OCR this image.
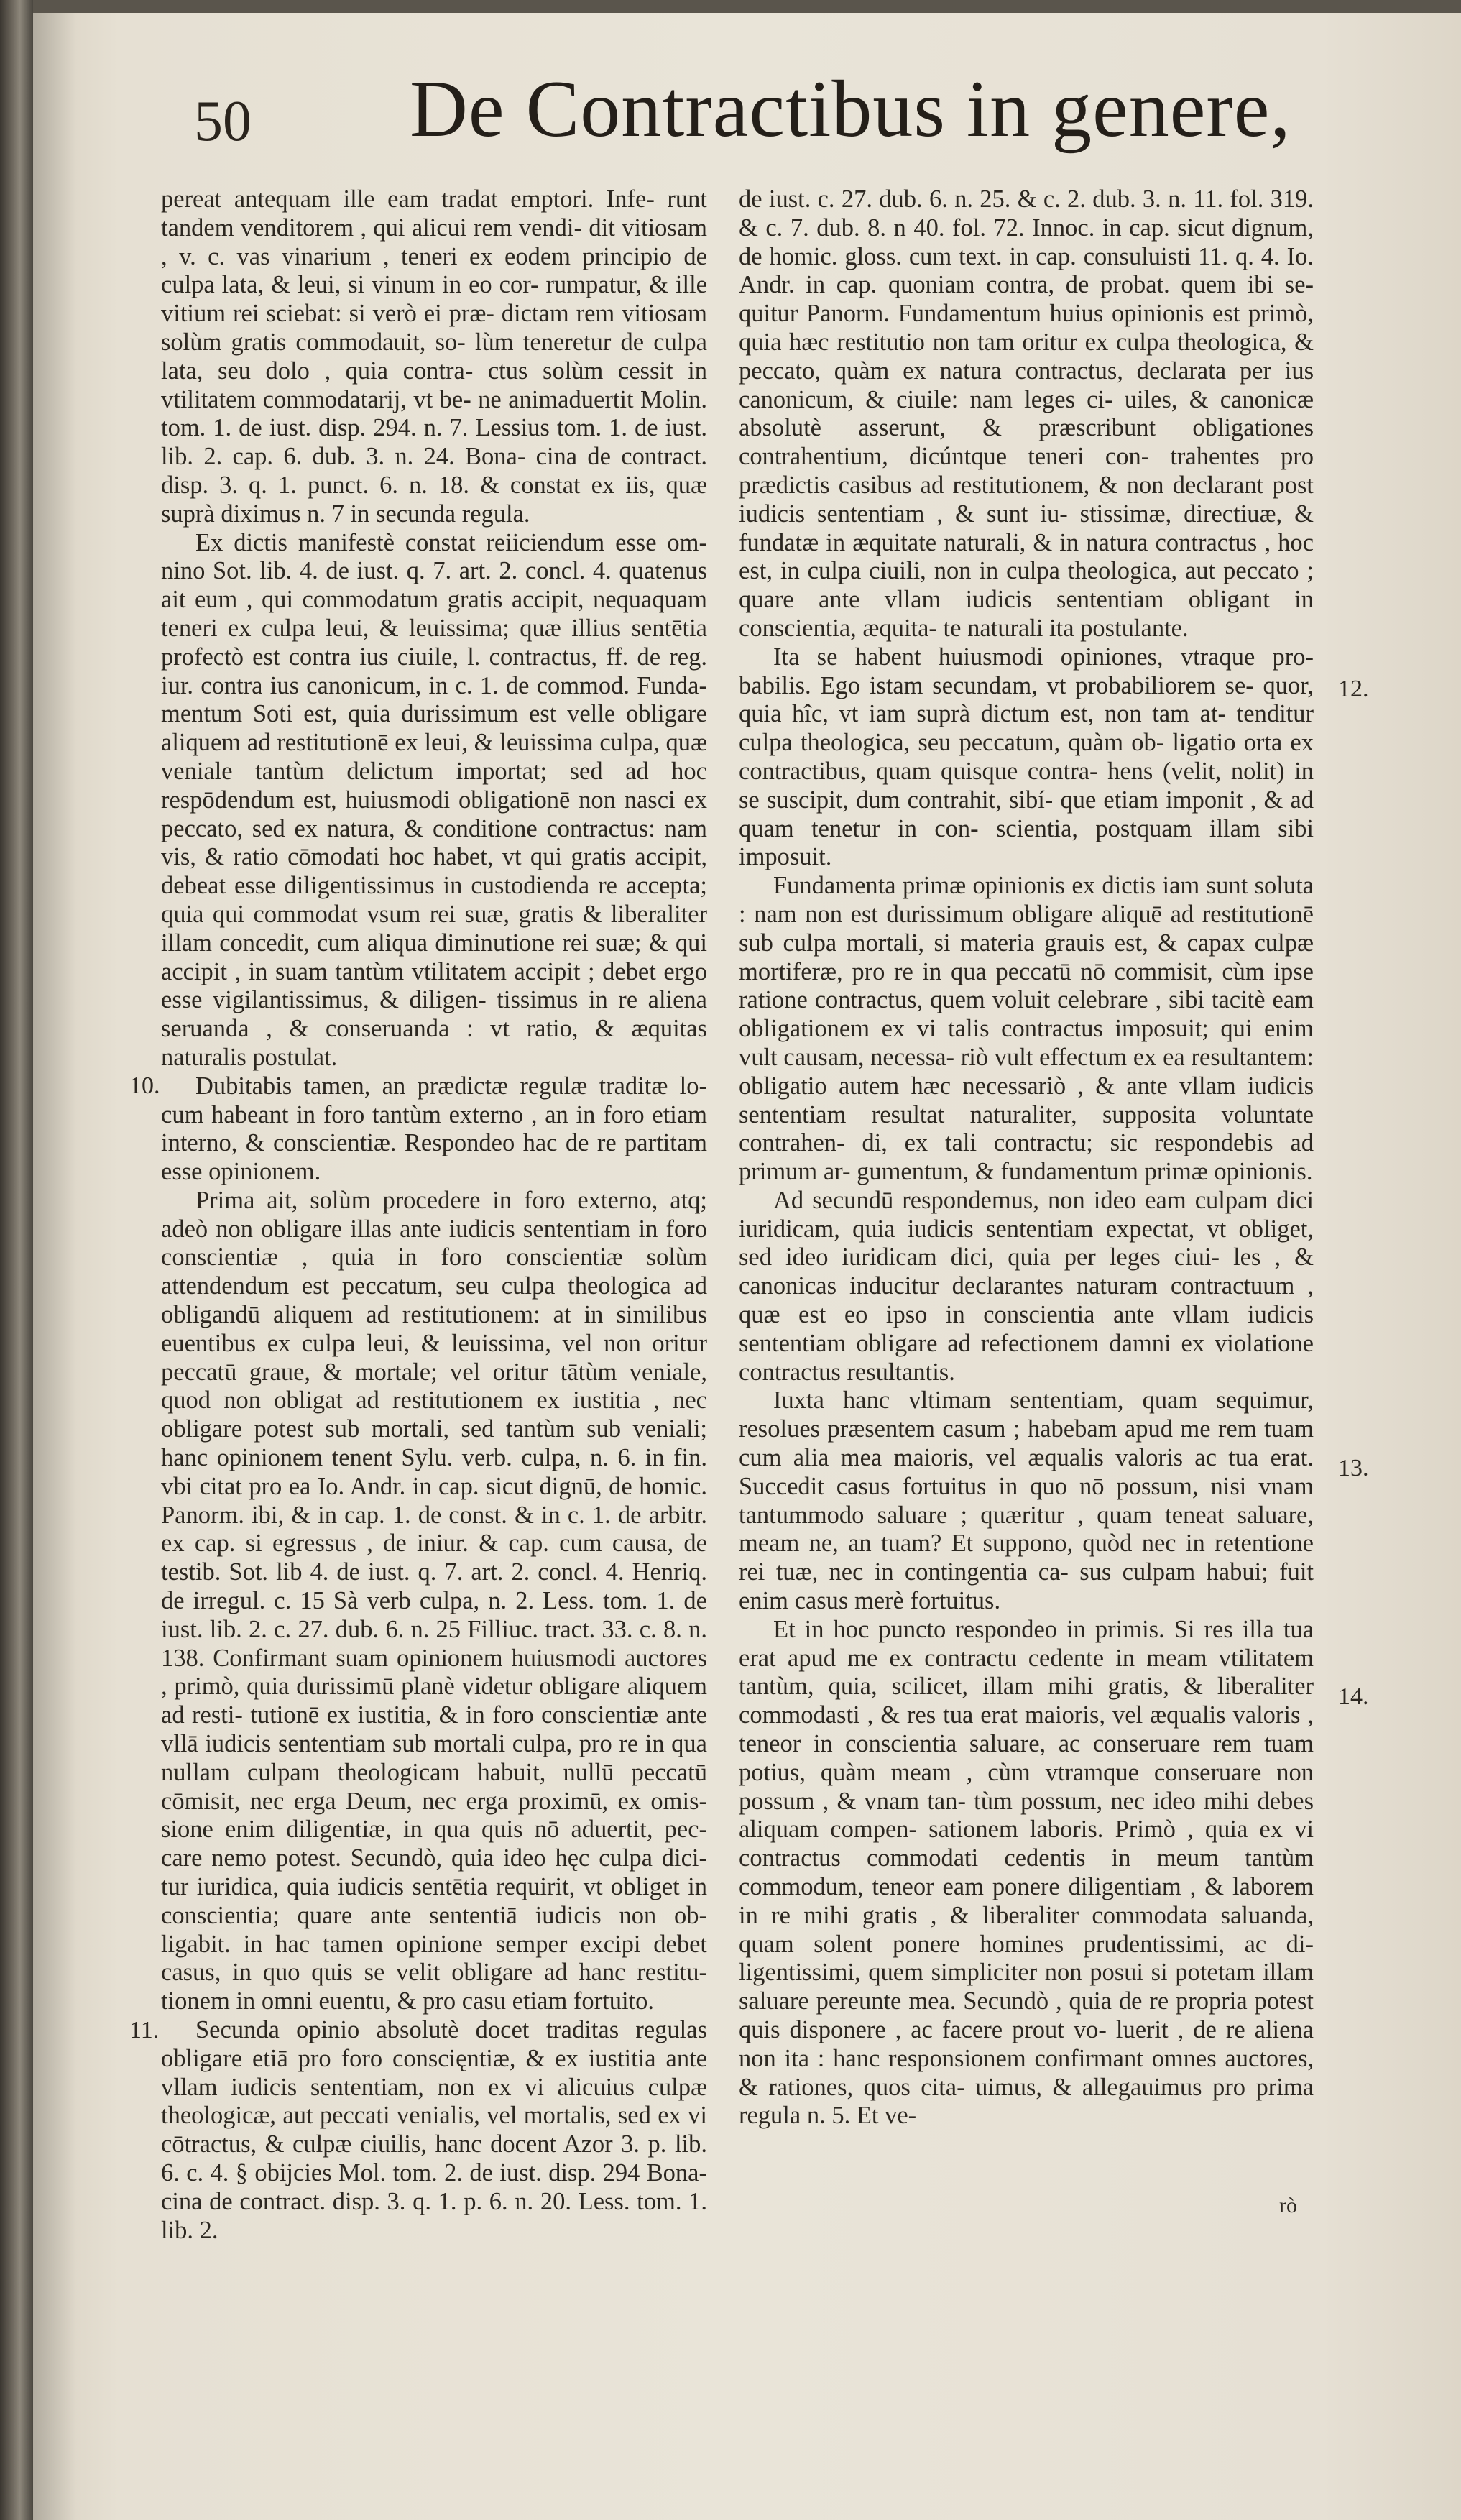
50 De Contractibus in genere,

pereat antequam ille eam tradat emptori. Infe- runt tandem venditorem , qui alicui rem vendi- dit vitiosam , v. c. vas vinarium , teneri ex eodem principio de culpa lata, & leui, si vinum in eo cor- rumpatur, & ille vitium rei sciebat: si verò ei præ- dictam rem vitiosam solùm gratis commodauit, so- lùm teneretur de culpa lata, seu dolo , quia contra- ctus solùm cessit in vtilitatem commodatarij, vt be- ne animaduertit Molin. tom. 1. de iust. disp. 294. n. 7. Lessius tom. 1. de iust. lib. 2. cap. 6. dub. 3. n. 24. Bona- cina de contract. disp. 3. q. 1. punct. 6. n. 18. & constat ex iis, quæ suprà diximus n. 7 in secunda regula.

Ex dictis manifestè constat reiiciendum esse om- nino Sot. lib. 4. de iust. q. 7. art. 2. concl. 4. quatenus ait eum , qui commodatum gratis accipit, nequaquam teneri ex culpa leui, & leuissima; quæ illius sentētia profectò est contra ius ciuile, l. contractus, ff. de reg. iur. contra ius canonicum, in c. 1. de commod. Funda- mentum Soti est, quia durissimum est velle obligare aliquem ad restitutionē ex leui, & leuissima culpa, quæ veniale tantùm delictum importat; sed ad hoc respōdendum est, huiusmodi obligationē non nasci ex peccato, sed ex natura, & conditione contractus: nam vis, & ratio cōmodati hoc habet, vt qui gratis accipit, debeat esse diligentissimus in custodienda re accepta; quia qui commodat vsum rei suæ, gratis & liberaliter illam concedit, cum aliqua diminutione rei suæ; & qui accipit , in suam tantùm vtilitatem accipit ; debet ergo esse vigilantissimus, & diligen- tissimus in re aliena seruanda , & conseruanda : vt ratio, & æquitas naturalis postulat.

Dubitabis tamen, an prædictæ regulæ traditæ lo- cum habeant in foro tantùm externo , an in foro etiam interno, & conscientiæ. Respondeo hac de re partitam esse opinionem.

Prima ait, solùm procedere in foro externo, atq; adeò non obligare illas ante iudicis sententiam in foro conscientiæ , quia in foro conscientiæ solùm attendendum est peccatum, seu culpa theologica ad obligandū aliquem ad restitutionem: at in similibus euentibus ex culpa leui, & leuissima, vel non oritur peccatū graue, & mortale; vel oritur tātùm veniale, quod non obligat ad restitutionem ex iustitia , nec obligare potest sub mortali, sed tantùm sub veniali; hanc opinionem tenent Sylu. verb. culpa, n. 6. in fin. vbi citat pro ea Io. Andr. in cap. sicut dignū, de homic. Panorm. ibi, & in cap. 1. de const. & in c. 1. de arbitr. ex cap. si egressus , de iniur. & cap. cum causa, de testib. Sot. lib 4. de iust. q. 7. art. 2. concl. 4. Henriq. de irregul. c. 15 Sà verb culpa, n. 2. Less. tom. 1. de iust. lib. 2. c. 27. dub. 6. n. 25 Filliuc. tract. 33. c. 8. n. 138. Confirmant suam opinionem huiusmodi auctores , primò, quia durissimū planè videtur obligare aliquem ad resti- tutionē ex iustitia, & in foro conscientiæ ante vllā iudicis sententiam sub mortali culpa, pro re in qua nullam culpam theologicam habuit, nullū peccatū cōmisit, nec erga Deum, nec erga proximū, ex omis- sione enim diligentiæ, in qua quis nō aduertit, pec- care nemo potest. Secundò, quia ideo hęc culpa dici- tur iuridica, quia iudicis sentētia requirit, vt obliget in conscientia; quare ante sententiā iudicis non ob- ligabit. in hac tamen opinione semper excipi debet casus, in quo quis se velit obligare ad hanc restitu- tionem in omni euentu, & pro casu etiam fortuito.

Secunda opinio absolutè docet traditas regulas obligare etiā pro foro conscięntiæ, & ex iustitia ante vllam iudicis sententiam, non ex vi alicuius culpæ theologicæ, aut peccati venialis, vel mortalis, sed ex vi cōtractus, & culpæ ciuilis, hanc docent Azor 3. p. lib. 6. c. 4. § obijcies Mol. tom. 2. de iust. disp. 294 Bona- cina de contract. disp. 3. q. 1. p. 6. n. 20. Less. tom. 1. lib. 2.

de iust. c. 27. dub. 6. n. 25. & c. 2. dub. 3. n. 11. fol. 319. & c. 7. dub. 8. n 40. fol. 72. Innoc. in cap. sicut dignum, de homic. gloss. cum text. in cap. consuluisti 11. q. 4. Io. Andr. in cap. quoniam contra, de probat. quem ibi se- quitur Panorm. Fundamentum huius opinionis est primò, quia hæc restitutio non tam oritur ex culpa theologica, & peccato, quàm ex natura contractus, declarata per ius canonicum, & ciuile: nam leges ci- uiles, & canonicæ absolutè asserunt, & præscribunt obligationes contrahentium, dicúntque teneri con- trahentes pro prædictis casibus ad restitutionem, & non declarant post iudicis sententiam , & sunt iu- stissimæ, directiuæ, & fundatæ in æquitate naturali, & in natura contractus , hoc est, in culpa ciuili, non in culpa theologica, aut peccato ; quare ante vllam iudicis sententiam obligant in conscientia, æquita- te naturali ita postulante.

Ita se habent huiusmodi opiniones, vtraque pro- babilis. Ego istam secundam, vt probabiliorem se- quor, quia hîc, vt iam suprà dictum est, non tam at- tenditur culpa theologica, seu peccatum, quàm ob- ligatio orta ex contractibus, quam quisque contra- hens (velit, nolit) in se suscipit, dum contrahit, sibí- que etiam imponit , & ad quam tenetur in con- scientia, postquam illam sibi imposuit.

Fundamenta primæ opinionis ex dictis iam sunt soluta : nam non est durissimum obligare aliquē ad restitutionē sub culpa mortali, si materia grauis est, & capax culpæ mortiferæ, pro re in qua peccatū nō commisit, cùm ipse ratione contractus, quem voluit celebrare , sibi tacitè eam obligationem ex vi talis contractus imposuit; qui enim vult causam, necessa- riò vult effectum ex ea resultantem: obligatio autem hæc necessariò , & ante vllam iudicis sententiam resultat naturaliter, supposita voluntate contrahen- di, ex tali contractu; sic respondebis ad primum ar- gumentum, & fundamentum primæ opinionis.

Ad secundū respondemus, non ideo eam culpam dici iuridicam, quia iudicis sententiam expectat, vt obliget, sed ideo iuridicam dici, quia per leges ciui- les , & canonicas inducitur declarantes naturam contractuum , quæ est eo ipso in conscientia ante vllam iudicis sententiam obligare ad refectionem damni ex violatione contractus resultantis.

Iuxta hanc vltimam sententiam, quam sequimur, resolues præsentem casum ; habebam apud me rem tuam cum alia mea maioris, vel æqualis valoris ac tua erat. Succedit casus fortuitus in quo nō possum, nisi vnam tantummodo saluare ; quæritur , quam teneat saluare, meam ne, an tuam? Et suppono, quòd nec in retentione rei tuæ, nec in contingentia ca- sus culpam habui; fuit enim casus merè fortuitus.

Et in hoc puncto respondeo in primis. Si res illa tua erat apud me ex contractu cedente in meam vtilitatem tantùm, quia, scilicet, illam mihi gratis, & liberaliter commodasti , & res tua erat maioris, vel æqualis valoris , teneor in conscientia saluare, ac conseruare rem tuam potius, quàm meam , cùm vtramque conseruare non possum , & vnam tan- tùm possum, nec ideo mihi debes aliquam compen- sationem laboris. Primò , quia ex vi contractus commodati cedentis in meum tantùm commodum, teneor eam ponere diligentiam , & laborem in re mihi gratis , & liberaliter commodata saluanda, quam solent ponere homines prudentissimi, ac di- ligentissimi, quem simpliciter non posui si potetam illam saluare pereunte mea. Secundò , quia de re propria potest quis disponere , ac facere prout vo- luerit , de re aliena non ita : hanc responsionem confirmant omnes auctores, & rationes, quos cita- uimus, & allegauimus pro prima regula n. 5. Et ve-

10.
11.
12.
13.
14.
rò
